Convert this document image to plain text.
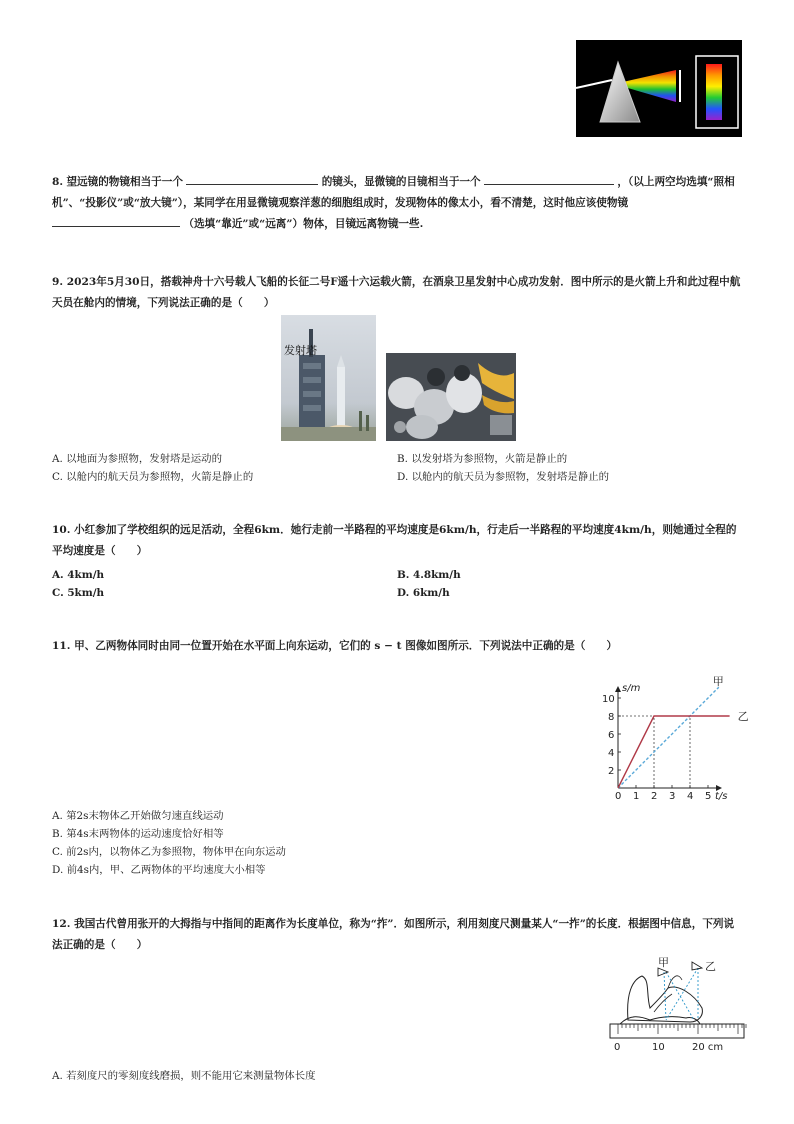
8. 望远镜的物镜相当于一个	的镜头，显微镜的目镜相当于一个	，（以上两空均选填“照相机”、“投影仪”或“放大镜”），某同学在用显微镜观察洋葱的细胞组成时，发现物体的像太小，看不清楚，这时他应该使物镜  （选填“靠近”或“远离”）物体，目镜远离物镜一些.
9. 2023年5月30日，搭载神舟十六号载人飞船的长征二号F遥十六运载火箭，在酒泉卫星发射中心成功发射．图中所示的是火箭上升和此过程中航天员在舱内的情境，下列说法正确的是（　　）
发射塔
A. 以地面为参照物，发射塔是运动的	B. 以发射塔为参照物，火箭是静止的
C. 以舱内的航天员为参照物，火箭是静止的	D. 以舱内的航天员为参照物，发射塔是静止的
10. 小红参加了学校组织的远足活动，全程6km．她行走前一半路程的平均速度是6km/h，行走后一半路程的平均速度4km/h，则她通过全程的平均速度是（　　）
A. 4km/h	B. 4.8km/h
C. 5km/h	D. 6km/h
11. 甲、乙两物体同时由同一位置开始在水平面上向东运动，它们的 s − t 图像如图所示．下列说法中正确的是（　　）
甲
乙
0 1 2 3 4 5
2
4
6
8
10
t/s
s/m
A. 第2s末物体乙开始做匀速直线运动
B. 第4s末两物体的运动速度恰好相等
C. 前2s内，以物体乙为参照物，物体甲在向东运动
D. 前4s内，甲、乙两物体的平均速度大小相等
12. 我国古代曾用张开的大拇指与中指间的距离作为长度单位，称为“拃”．如图所示，利用刻度尺测量某人“一拃”的长度．根据图中信息，下列说法正确的是（　　）
甲	乙
0	10	20 cm
A. 若刻度尺的零刻度线磨损，则不能用它来测量物体长度
